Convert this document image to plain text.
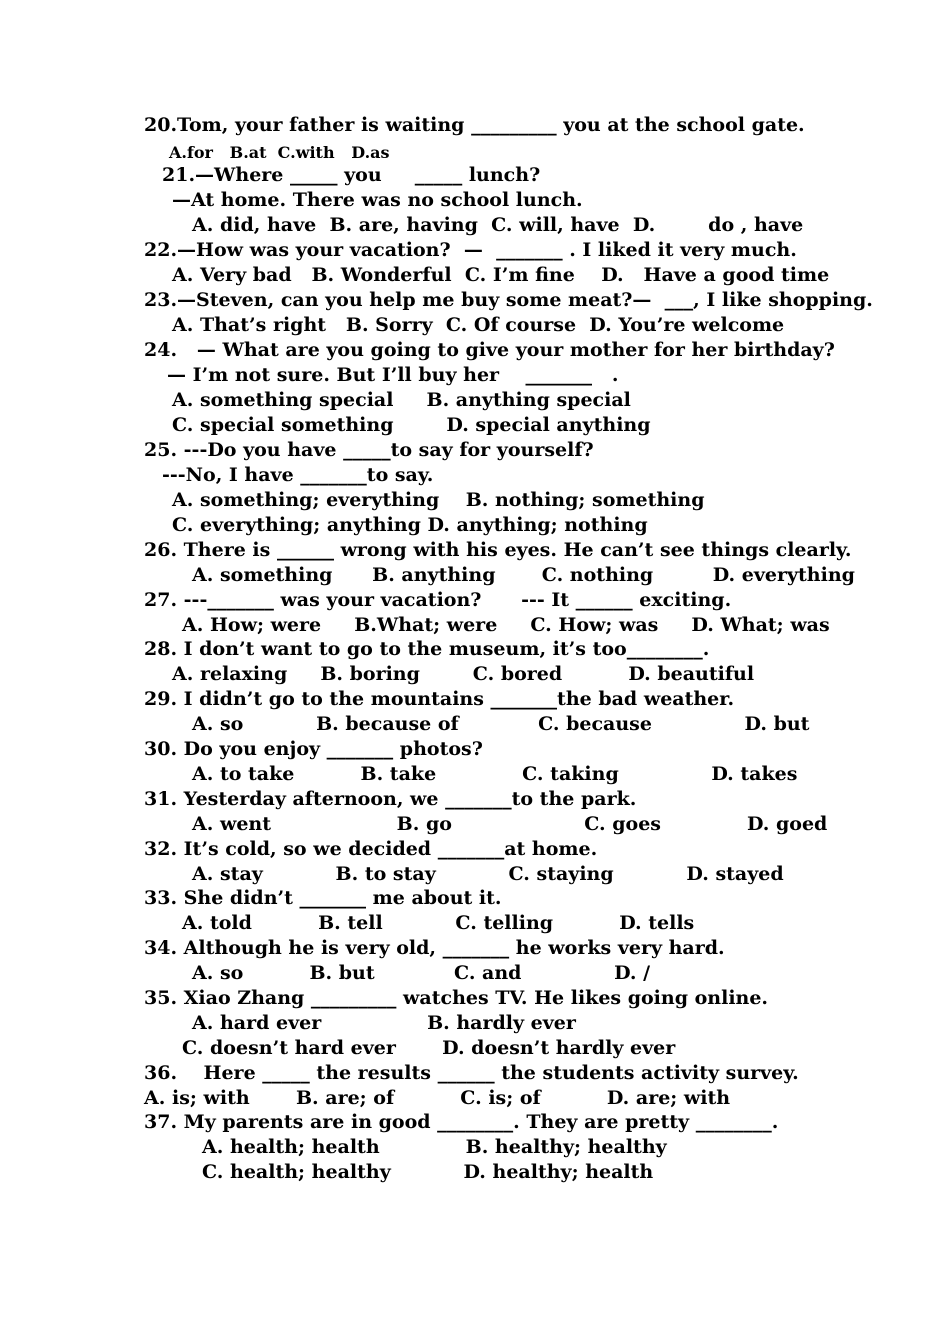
20.Tom, your father is waiting _________ you at the school gate.
A.for   B.at  C.with   D.as
21.—Where _____ you     _____ lunch?
—At home. There was no school lunch.
A. did, have  B. are, having  C. will, have  D.        do , have
22.—How was your vacation?  —  _______ . I liked it very much.
A. Very bad   B. Wonderful  C. I’m fine    D.   Have a good time
23.—Steven, can you help me buy some meat?—  ___, I like shopping.
A. That’s right   B. Sorry  C. Of course  D. You’re welcome
24.   — What are you going to give your mother for her birthday?
— I’m not sure. But I’ll buy her    _______   .
A. something special     B. anything special
C. special something        D. special anything
25. ---Do you have _____to say for yourself?
---No, I have _______to say.
A. something; everything    B. nothing; something
C. everything; anything D. anything; nothing
26. There is ______ wrong with his eyes. He can’t see things clearly.
A. something      B. anything       C. nothing         D. everything
27. ---_______ was your vacation?      --- It ______ exciting.
A. How; were     B.What; were     C. How; was     D. What; was
28. I don’t want to go to the museum, it’s too________.
A. relaxing     B. boring        C. bored          D. beautiful
29. I didn’t go to the mountains _______the bad weather.
A. so           B. because of            C. because              D. but
30. Do you enjoy _______ photos?
A. to take          B. take             C. taking              D. takes
31. Yesterday afternoon, we _______to the park.
A. went                   B. go                    C. goes             D. goed
32. It’s cold, so we decided _______at home.
A. stay           B. to stay           C. staying           D. stayed
33. She didn’t _______ me about it.
A. told          B. tell           C. telling          D. tells
34. Although he is very old, _______ he works very hard.
A. so          B. but            C. and              D. /
35. Xiao Zhang _________ watches TV. He likes going online.
A. hard ever                B. hardly ever
C. doesn’t hard ever       D. doesn’t hardly ever
36.    Here _____ the results ______ the students activity survey.
A. is; with       B. are; of          C. is; of          D. are; with
37. My parents are in good ________. They are pretty ________.
A. health; health             B. healthy; healthy
C. health; healthy           D. healthy; health
